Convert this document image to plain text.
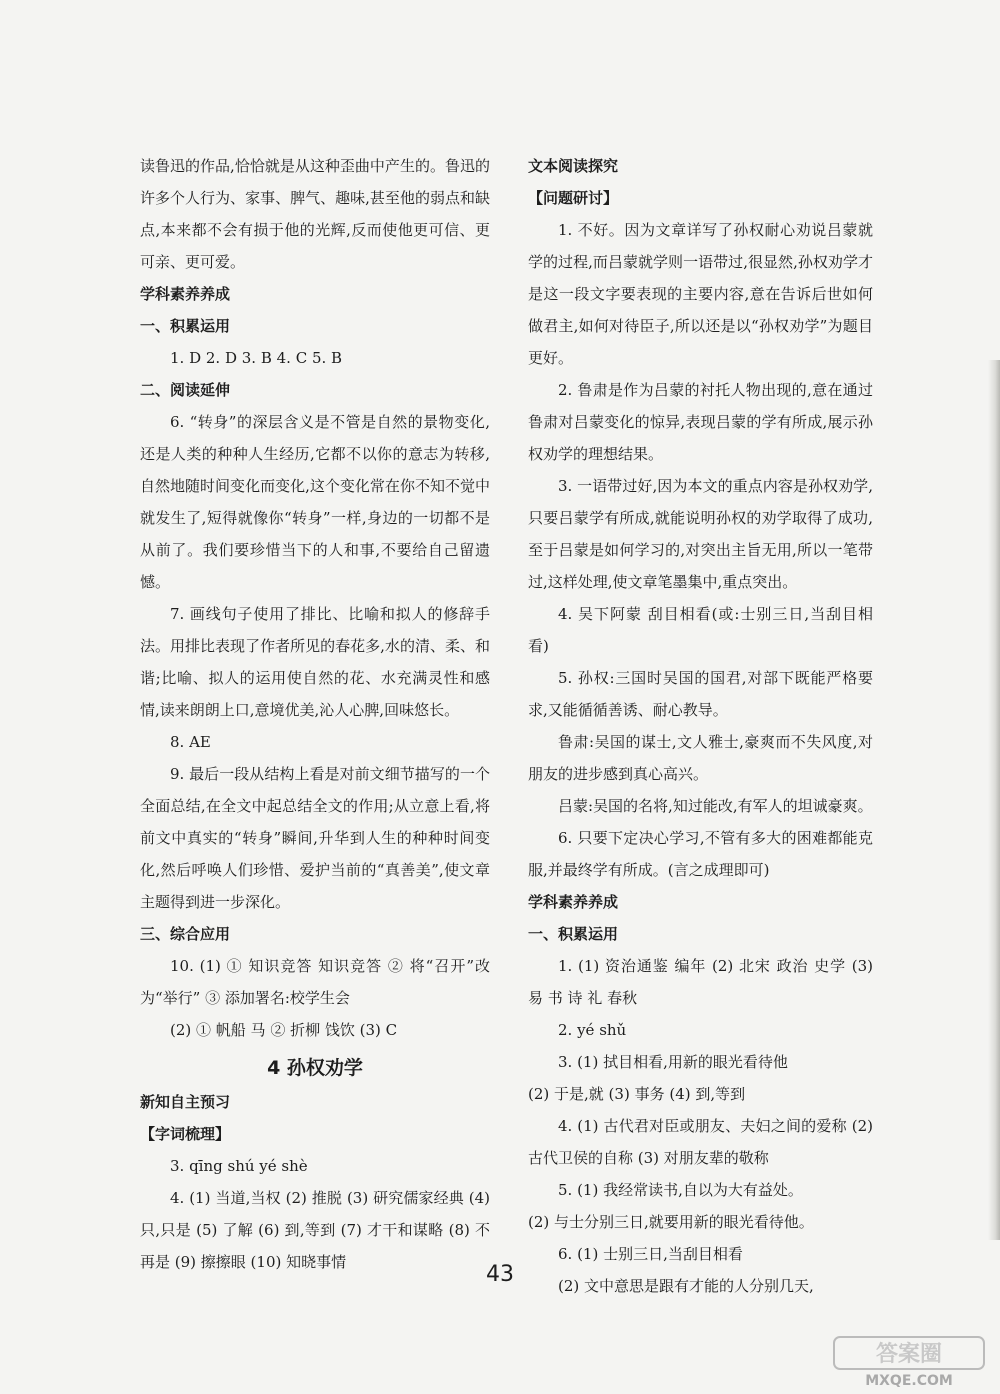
读鲁迅的作品,恰恰就是从这种歪曲中产生的。鲁迅的许多个人行为、家事、脾气、趣味,甚至他的弱点和缺点,本来都不会有损于他的光辉,反而使他更可信、更可亲、更可爱。
学科素养养成
一、积累运用
1. D 2. D 3. B 4. C 5. B
二、阅读延伸
6. “转身”的深层含义是不管是自然的景物变化,还是人类的种种人生经历,它都不以你的意志为转移,自然地随时间变化而变化,这个变化常在你不知不觉中就发生了,短得就像你“转身”一样,身边的一切都不是从前了。我们要珍惜当下的人和事,不要给自己留遗憾。
7. 画线句子使用了排比、比喻和拟人的修辞手法。用排比表现了作者所见的春花多,水的清、柔、和谐;比喻、拟人的运用使自然的花、水充满灵性和感情,读来朗朗上口,意境优美,沁人心脾,回味悠长。
8. AE
9. 最后一段从结构上看是对前文细节描写的一个全面总结,在全文中起总结全文的作用;从立意上看,将前文中真实的“转身”瞬间,升华到人生的种种时间变化,然后呼唤人们珍惜、爱护当前的“真善美”,使文章主题得到进一步深化。
三、综合应用
10. (1) ① 知识竞答 知识竞答 ② 将“召开”改为“举行” ③ 添加署名:校学生会
(2) ① 帆船 马 ② 折柳 饯饮 (3) C
4 孙权劝学
新知自主预习
【字词梳理】
3. qīng shú yé shè
4. (1) 当道,当权 (2) 推脱 (3) 研究儒家经典 (4) 只,只是 (5) 了解 (6) 到,等到 (7) 才干和谋略 (8) 不再是 (9) 擦擦眼 (10) 知晓事情
文本阅读探究
【问题研讨】
1. 不好。因为文章详写了孙权耐心劝说吕蒙就学的过程,而吕蒙就学则一语带过,很显然,孙权劝学才是这一段文字要表现的主要内容,意在告诉后世如何做君主,如何对待臣子,所以还是以“孙权劝学”为题目更好。
2. 鲁肃是作为吕蒙的衬托人物出现的,意在通过鲁肃对吕蒙变化的惊异,表现吕蒙的学有所成,展示孙权劝学的理想结果。
3. 一语带过好,因为本文的重点内容是孙权劝学,只要吕蒙学有所成,就能说明孙权的劝学取得了成功,至于吕蒙是如何学习的,对突出主旨无用,所以一笔带过,这样处理,使文章笔墨集中,重点突出。
4. 吴下阿蒙 刮目相看(或:士别三日,当刮目相看)
5. 孙权:三国时吴国的国君,对部下既能严格要求,又能循循善诱、耐心教导。
鲁肃:吴国的谋士,文人雅士,豪爽而不失风度,对朋友的进步感到真心高兴。
吕蒙:吴国的名将,知过能改,有军人的坦诚豪爽。
6. 只要下定决心学习,不管有多大的困难都能克服,并最终学有所成。(言之成理即可)
学科素养养成
一、积累运用
1. (1) 资治通鉴 编年 (2) 北宋 政治 史学 (3) 易 书 诗 礼 春秋
2. yé shǔ
3. (1) 拭目相看,用新的眼光看待他
(2) 于是,就 (3) 事务 (4) 到,等到
4. (1) 古代君对臣或朋友、夫妇之间的爱称 (2) 古代卫侯的自称 (3) 对朋友辈的敬称
5. (1) 我经常读书,自以为大有益处。
(2) 与士分别三日,就要用新的眼光看待他。
6. (1) 士别三日,当刮目相看
(2) 文中意思是跟有才能的人分别几天,
43
答案圈
MXQE.COM
